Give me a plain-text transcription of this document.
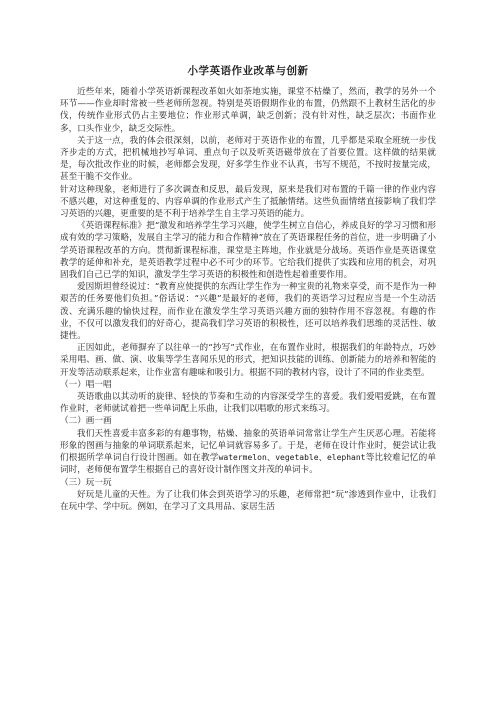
小学英语作业改革与创新

近些年来，随着小学英语新课程改革如火如荼地实施，课堂不枯燥了，然而，教学的另外一个环节——作业却时常被一些老师所忽视。特别是英语假期作业的布置，仍然跟不上教材生活化的步伐，传统作业形式仍占主要地位；作业形式单调，缺乏创新；没有针对性，缺乏层次；书面作业多，口头作业少，缺乏交际性。

关于这一点，我的体会很深刻，以前，老师对于英语作业的布置，几乎都是采取全班统一步伐齐步走的方式，把机械地抄写单词、重点句子以及听英语磁带放在了首要位置。这样做的结果就是，每次批改作业的时候，老师都会发现，好多学生作业不认真，书写不规范，不按时按量完成，甚至干脆不交作业。

针对这种现象，老师进行了多次调查和反思，最后发现，原来是我们对布置的千篇一律的作业内容不感兴趣，对这种重复的、内容单调的作业形式产生了抵触情绪。这些负面情绪直接影响了我们学习英语的兴趣，更重要的是不利于培养学生自主学习英语的能力。

《英语课程标准》把“激发和培养学生学习兴趣，使学生树立自信心，养成良好的学习习惯和形成有效的学习策略，发展自主学习的能力和合作精神”放在了英语课程任务的首位，进一步明确了小学英语课程改革的方向。贯彻新课程标准，课堂是主阵地，作业就是分战场。英语作业是英语课堂教学的延伸和补充，是英语教学过程中必不可少的环节。它给我们提供了实践和应用的机会，对巩固我们自己已学的知识，激发学生学习英语的积极性和创造性起着重要作用。

爱因斯坦曾经说过：“教育应使提供的东西让学生作为一种宝贵的礼物来享受，而不是作为一种艰苦的任务要他们负担。”俗话说：“兴趣”是最好的老师，我们的英语学习过程应当是一个生动活泼、充满乐趣的愉快过程，而作业在激发学生学习英语兴趣方面的独特作用不容忽视。有趣的作业，不仅可以激发我们的好奇心，提高我们学习英语的积极性，还可以培养我们思维的灵活性、敏捷性。

正因如此，老师摒弃了以往单一的“抄写”式作业，在布置作业时，根据我们的年龄特点，巧妙采用唱、画、做、演、收集等学生喜闻乐见的形式，把知识技能的训练、创新能力的培养和智能的开发等活动联系起来，让作业富有趣味和吸引力。根据不同的教材内容，设计了不同的作业类型。

（一）唱一唱

英语歌曲以其动听的旋律、轻快的节奏和生动的内容深受学生的喜爱。我们爱唱爱跳，在布置作业时，老师就试着把一些单词配上乐曲，让我们以唱歌的形式来练习。

（二）画一画

我们天性喜爱丰富多彩的有趣事物，枯燥、抽象的英语单词常常让学生产生厌恶心理。若能将形象的图画与抽象的单词联系起来，记忆单词就容易多了。于是，老师在设计作业时，便尝试让我们根据所学单词自行设计图画。如在教学watermelon、vegetable、elephant等比较难记忆的单词时，老师便布置学生根据自己的喜好设计制作图文并茂的单词卡。

（三）玩一玩

好玩是儿童的天性。为了让我们体会到英语学习的乐趣，老师常把“玩”渗透到作业中，让我们在玩中学、学中玩。例如，在学习了文具用品、家居生活
